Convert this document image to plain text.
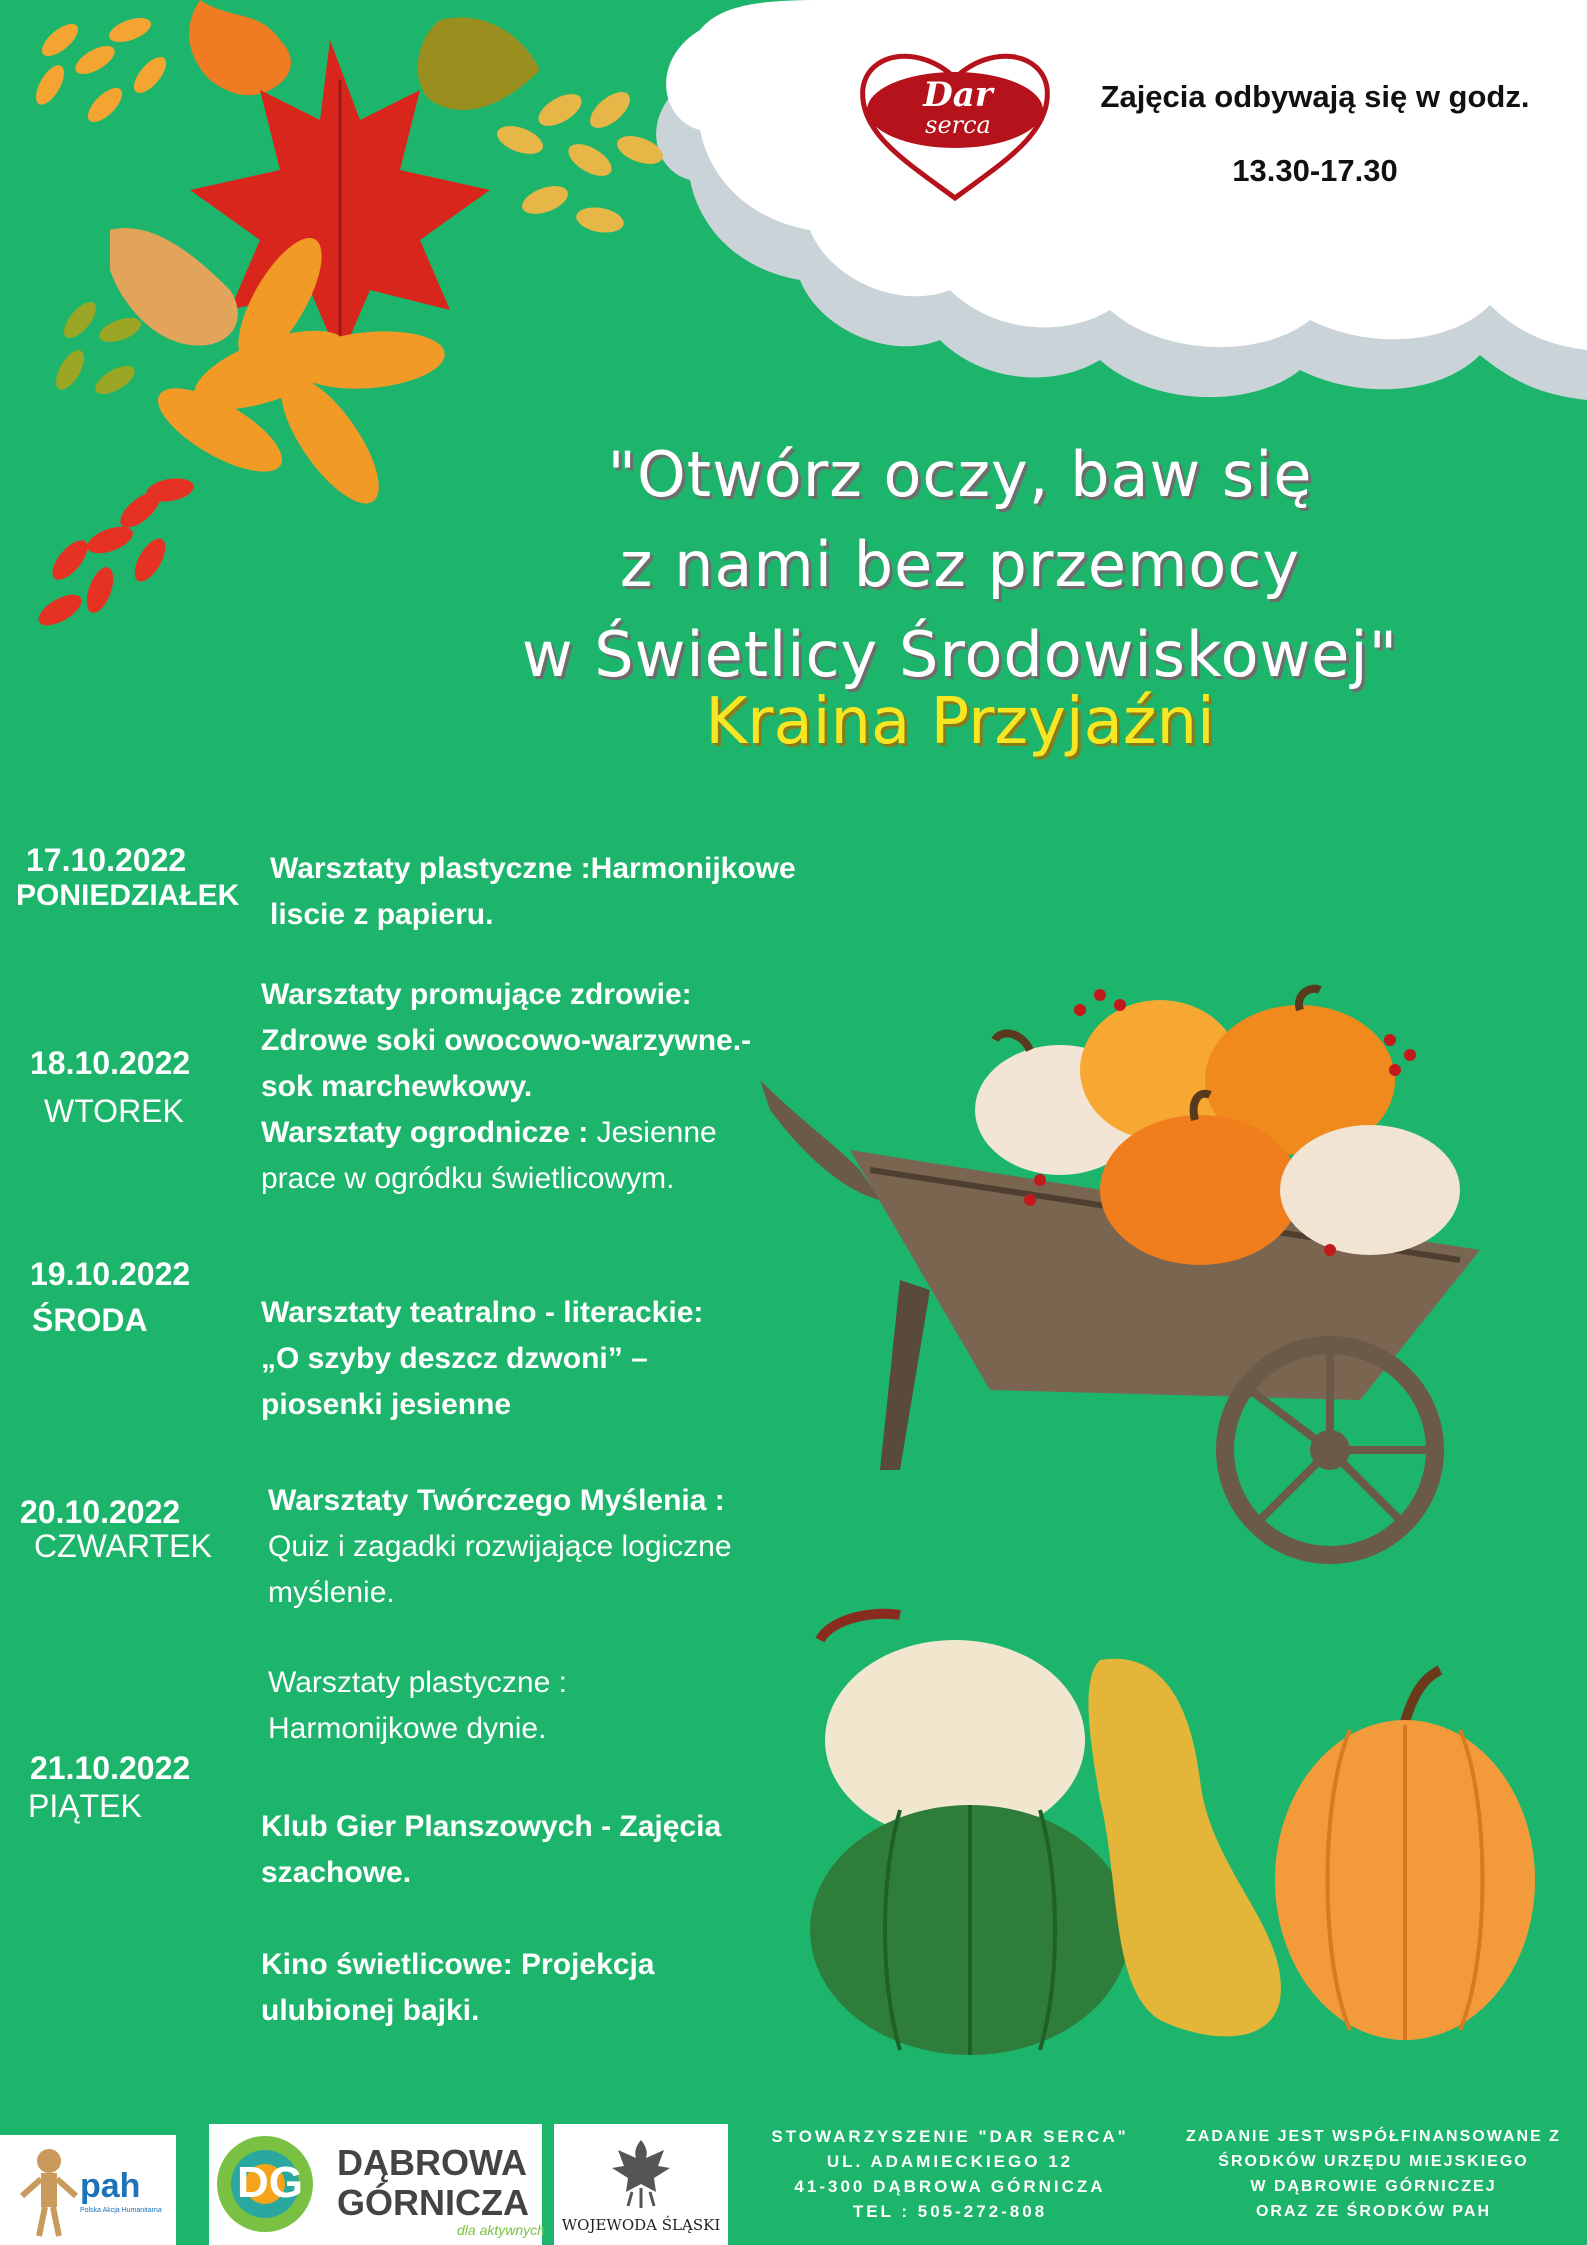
Dar
serca
Zajęcia odbywają się w godz.
13.30-17.30
"Otwórz oczy, baw się
z nami bez przemocy
w Świetlicy Środowiskowej"
Kraina Przyjaźni
17.10.2022
PONIEDZIAŁEK
Warsztaty plastyczne :Harmonijkowe
liscie z papieru.
18.10.2022
WTOREK
Warsztaty promujące zdrowie:
Zdrowe soki owocowo-warzywne.-
sok marchewkowy.
Warsztaty ogrodnicze : Jesienne
prace w ogródku świetlicowym.
19.10.2022
ŚRODA	Warsztaty teatralno - literackie:
„O szyby deszcz dzwoni” –
piosenki jesienne
20.10.2022
CZWARTEK
Warsztaty Twórczego Myślenia :
Quiz i zagadki rozwijające logiczne
myślenie.
21.10.2022
PIĄTEK
Warsztaty plastyczne :
Harmonijkowe dynie.
Klub Gier Planszowych - Zajęcia
szachowe.
Kino świetlicowe: Projekcja
ulubionej bajki.
pah
Polska Akcja Humanitarna
DG DĄBROWA
GÓRNICZA
dla aktywnych	WOJEWODA ŚLĄSKI
STOWARZYSZENIE "DAR SERCA"
UL. ADAMIECKIEGO 12
41-300 DĄBROWA GÓRNICZA
TEL : 505-272-808
ZADANIE JEST WSPÓŁFINANSOWANE Z
ŚRODKÓW URZĘDU MIEJSKIEGO
W DĄBROWIE GÓRNICZEJ
ORAZ ZE ŚRODKÓW PAH
